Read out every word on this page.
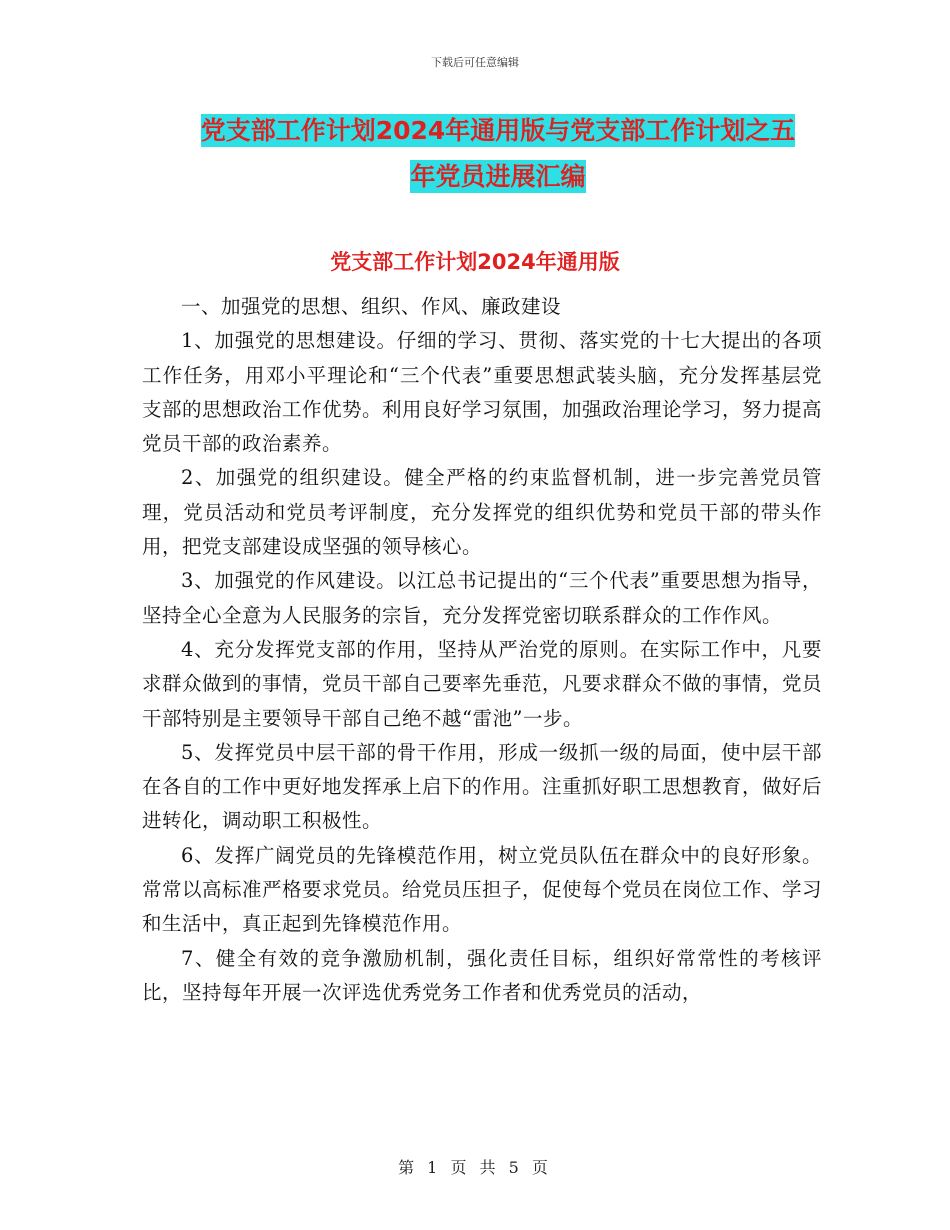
下载后可任意编辑
党支部工作计划2024年通用版与党支部工作计划之五
年党员进展汇编
党支部工作计划2024年通用版

一、加强党的思想、组织、作风、廉政建设

1、加强党的思想建设。仔细的学习、贯彻、落实党的十七大提出的各项工作任务，用邓小平理论和“三个代表”重要思想武装头脑，充分发挥基层党支部的思想政治工作优势。利用良好学习氛围，加强政治理论学习，努力提高党员干部的政治素养。

2、加强党的组织建设。健全严格的约束监督机制，进一步完善党员管理，党员活动和党员考评制度，充分发挥党的组织优势和党员干部的带头作用，把党支部建设成坚强的领导核心。

3、加强党的作风建设。以江总书记提出的“三个代表”重要思想为指导，坚持全心全意为人民服务的宗旨，充分发挥党密切联系群众的工作作风。

4、充分发挥党支部的作用，坚持从严治党的原则。在实际工作中，凡要求群众做到的事情，党员干部自己要率先垂范，凡要求群众不做的事情，党员干部特别是主要领导干部自己绝不越“雷池”一步。

5、发挥党员中层干部的骨干作用，形成一级抓一级的局面，使中层干部在各自的工作中更好地发挥承上启下的作用。注重抓好职工思想教育，做好后进转化，调动职工积极性。

6、发挥广阔党员的先锋模范作用，树立党员队伍在群众中的良好形象。常常以高标准严格要求党员。给党员压担子，促使每个党员在岗位工作、学习和生活中，真正起到先锋模范作用。

7、健全有效的竞争激励机制，强化责任目标，组织好常常性的考核评比，坚持每年开展一次评选优秀党务工作者和优秀党员的活动，

第 1 页 共 5 页
